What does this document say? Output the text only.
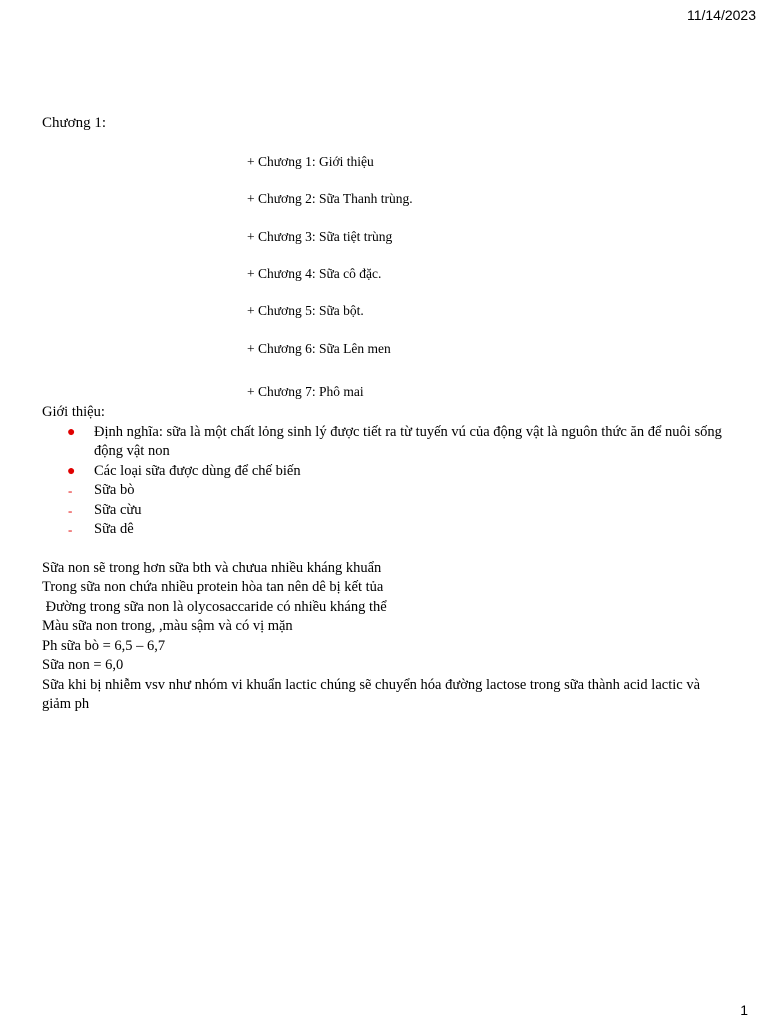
11/14/2023
Chương 1:
+ Chương 1: Giới thiệu
+ Chương 2: Sữa Thanh trùng.
+ Chương 3: Sữa tiệt trùng
+ Chương 4: Sữa cô đặc.
+ Chương 5: Sữa bột.
+ Chương 6: Sữa Lên men
+ Chương 7: Phô mai

Giới thiệu:

● Định nghĩa: sữa là một chất lỏng sinh lý được tiết ra từ tuyến vú của động vật là nguôn thức ăn để nuôi sống động vật non
● Các loại sữa được dùng để chế biến
- Sữa bò
- Sữa cừu
- Sữa dê

Sữa non sẽ trong hơn sữa bth và chưua nhiều kháng khuẩn

Trong sữa non chứa nhiều protein hòa tan nên dê bị kết tủa

Đường trong sữa non là olycosaccaride có nhiều kháng thể

Màu sữa non trong, ,màu sậm và có vị mặn

Ph sữa bò = 6,5 – 6,7

Sữa non = 6,0

Sữa khi bị nhiễm vsv như nhóm vi khuẩn lactic chúng sẽ chuyển hóa đường lactose trong sữa thành acid lactic và giảm ph

1
